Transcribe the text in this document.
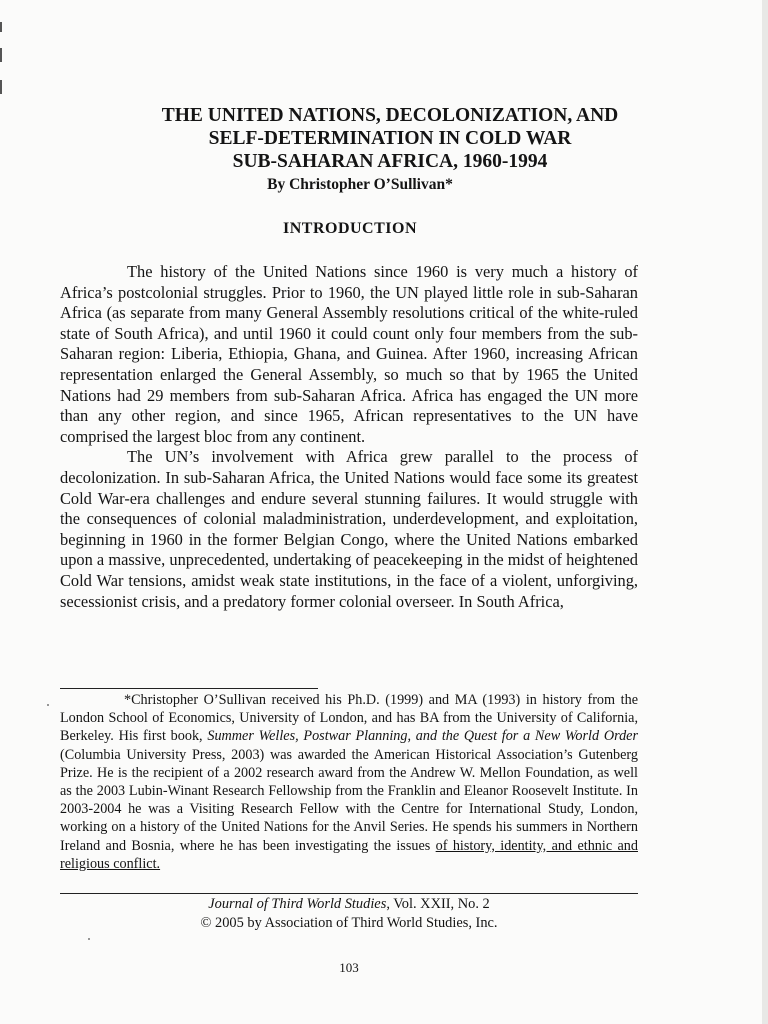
THE UNITED NATIONS, DECOLONIZATION, AND
SELF-DETERMINATION IN COLD WAR
SUB-SAHARAN AFRICA, 1960-1994
By Christopher O’Sullivan*
INTRODUCTION

The history of the United Nations since 1960 is very much a history of Africa’s postcolonial struggles. Prior to 1960, the UN played little role in sub-Saharan Africa (as separate from many General Assembly resolutions critical of the white-ruled state of South Africa), and until 1960 it could count only four members from the sub-Saharan region: Liberia, Ethiopia, Ghana, and Guinea. After 1960, increasing African representation enlarged the General Assembly, so much so that by 1965 the United Nations had 29 members from sub-Saharan Africa. Africa has engaged the UN more than any other region, and since 1965, African representatives to the UN have comprised the largest bloc from any continent.

The UN’s involvement with Africa grew parallel to the process of decolonization. In sub-Saharan Africa, the United Nations would face some its greatest Cold War-era challenges and endure several stunning failures. It would struggle with the consequences of colonial maladministration, underdevelopment, and exploitation, beginning in 1960 in the former Belgian Congo, where the United Nations embarked upon a massive, unprecedented, undertaking of peacekeeping in the midst of heightened Cold War tensions, amidst weak state institutions, in the face of a violent, unforgiving, secessionist crisis, and a predatory former colonial overseer. In South Africa,

*Christopher O’Sullivan received his Ph.D. (1999) and MA (1993) in history from the London School of Economics, University of London, and has BA from the University of California, Berkeley. His first book, Summer Welles, Postwar Planning, and the Quest for a New World Order (Columbia University Press, 2003) was awarded the American Historical Association’s Gutenberg Prize. He is the recipient of a 2002 research award from the Andrew W. Mellon Foundation, as well as the 2003 Lubin-Winant Research Fellowship from the Franklin and Eleanor Roosevelt Institute. In 2003-2004 he was a Visiting Research Fellow with the Centre for International Study, London, working on a history of the United Nations for the Anvil Series. He spends his summers in Northern Ireland and Bosnia, where he has been investigating the issues of history, identity, and ethnic and religious conflict.

Journal of Third World Studies, Vol. XXII, No. 2
© 2005 by Association of Third World Studies, Inc.
103
